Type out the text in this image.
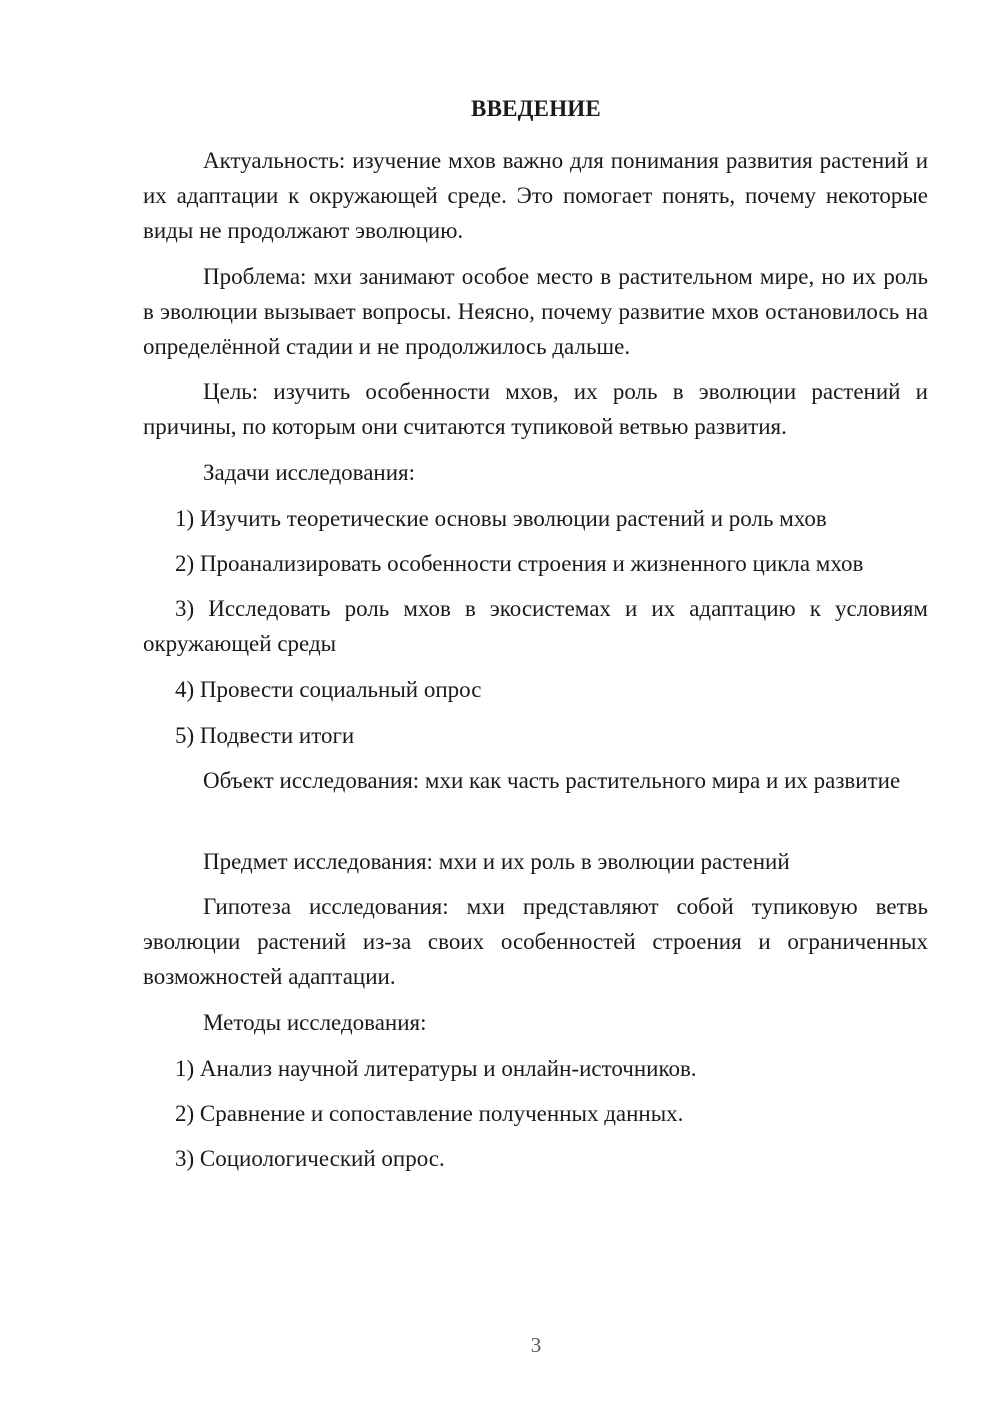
ВВЕДЕНИЕ
Актуальность: изучение мхов важно для понимания развития растений и их адаптации к окружающей среде. Это помогает понять, почему некоторые виды не продолжают эволюцию.
Проблема: мхи занимают особое место в растительном мире, но их роль в эволюции вызывает вопросы. Неясно, почему развитие мхов остановилось на определённой стадии и не продолжилось дальше.
Цель: изучить особенности мхов, их роль в эволюции растений и причины, по которым они считаются тупиковой ветвью развития.
Задачи исследования:
1) Изучить теоретические основы эволюции растений и роль мхов
2) Проанализировать особенности строения и жизненного цикла мхов
3) Исследовать роль мхов в экосистемах и их адаптацию к условиям окружающей среды
4) Провести социальный опрос
5) Подвести итоги
Объект исследования: мхи как часть растительного мира и их развитие
Предмет исследования: мхи и их роль в эволюции растений
Гипотеза исследования: мхи представляют собой тупиковую ветвь эволюции растений из-за своих особенностей строения и ограниченных возможностей адаптации.
Методы исследования:
1) Анализ научной литературы и онлайн-источников.
2) Сравнение и сопоставление полученных данных.
3) Социологический опрос.
3
